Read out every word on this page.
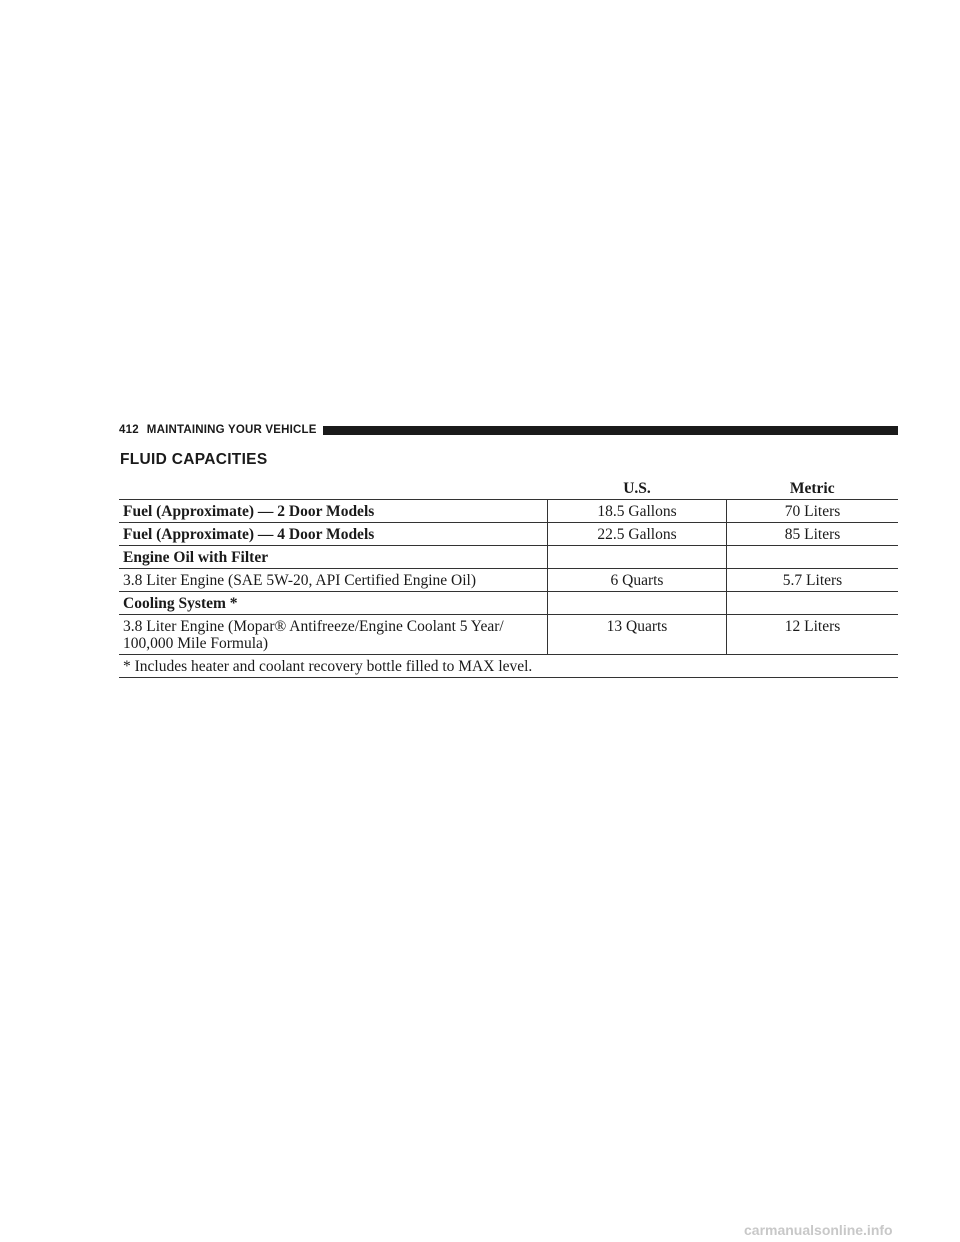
412 MAINTAINING YOUR VEHICLE
FLUID CAPACITIES
	U.S.	Metric
Fuel (Approximate) — 2 Door Models	18.5 Gallons	70 Liters
Fuel (Approximate) — 4 Door Models	22.5 Gallons	85 Liters
Engine Oil with Filter		
3.8 Liter Engine (SAE 5W-20, API Certified Engine Oil)	6 Quarts	5.7 Liters
Cooling System *		
3.8 Liter Engine (Mopar® Antifreeze/Engine Coolant 5 Year/ 100,000 Mile Formula)	13 Quarts	12 Liters
* Includes heater and coolant recovery bottle filled to MAX level.		
carmanualsonline.info
